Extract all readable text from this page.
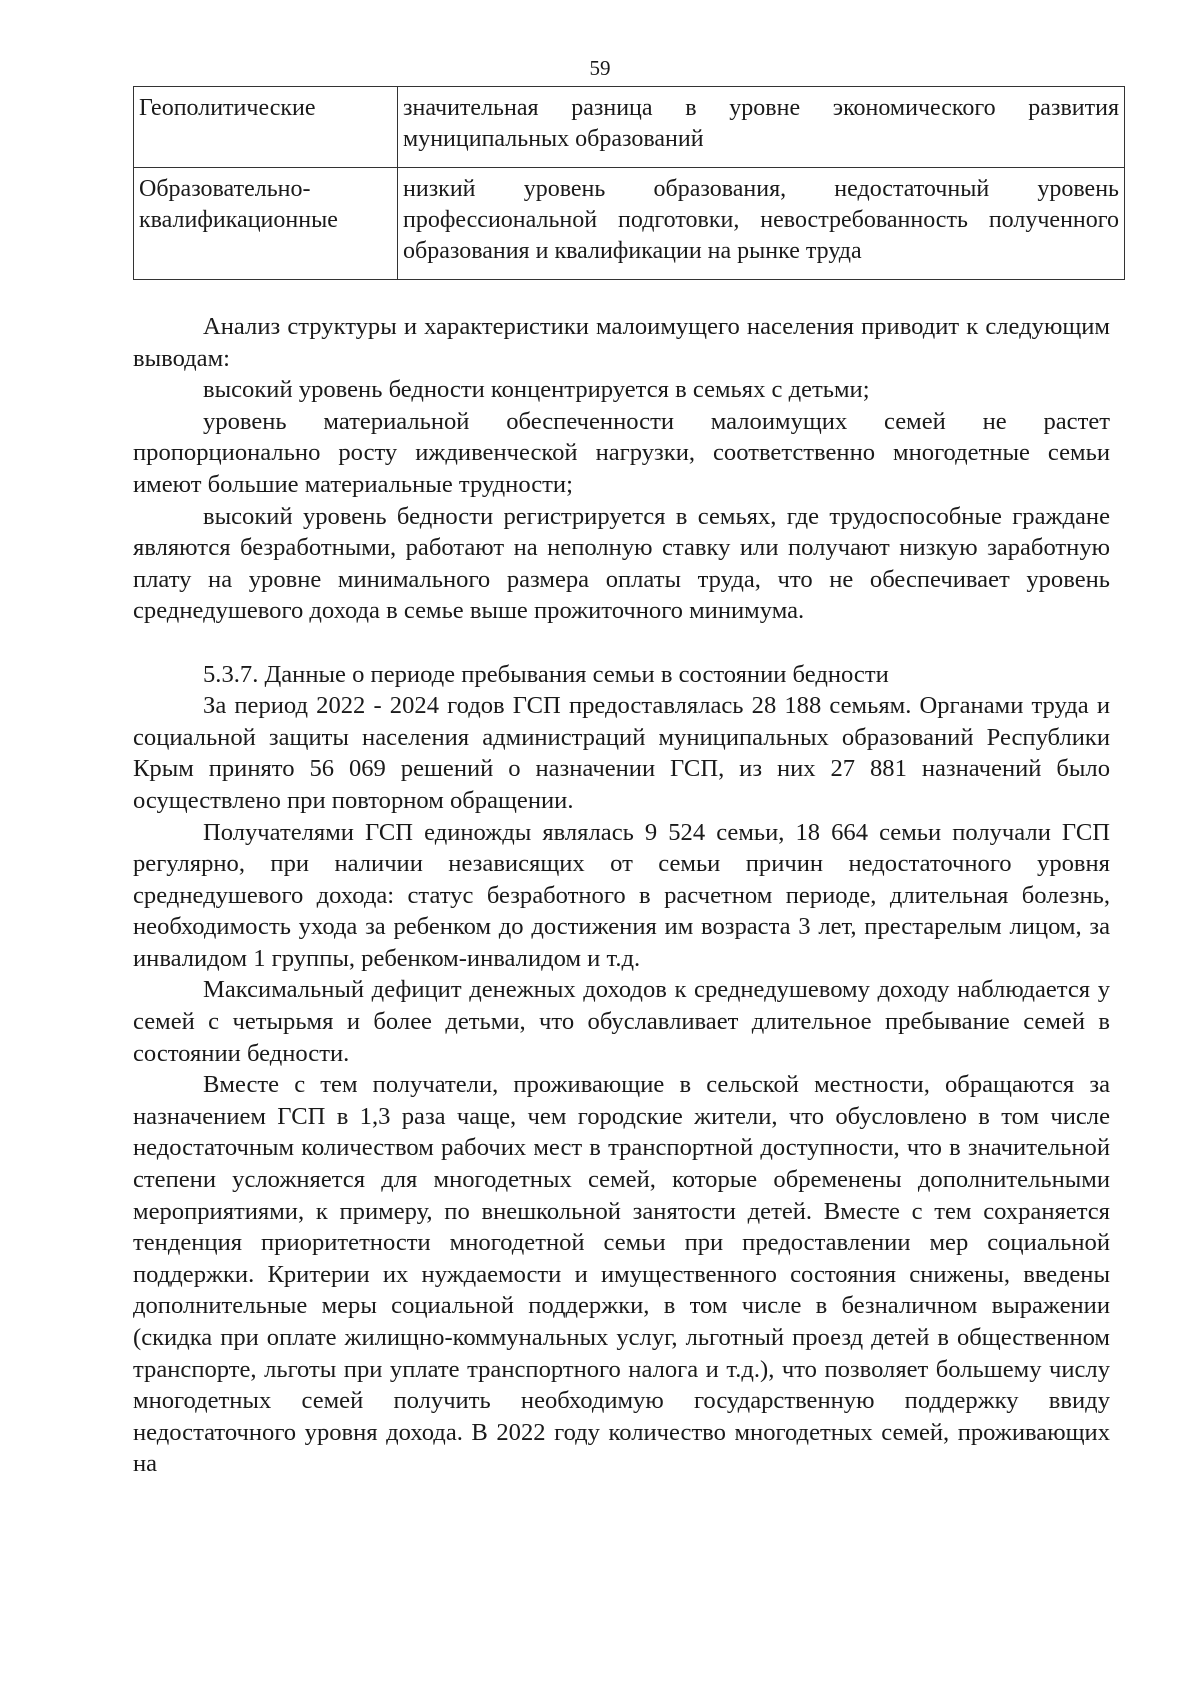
59
Геополитические	значительная разница в уровне экономического развития муниципальных образований
Образовательно-
квалификационные	низкий уровень образования, недостаточный уровень профессиональной подготовки, невостребованность полученного образования и квалификации на рынке труда

Анализ структуры и характеристики малоимущего населения приводит к следующим выводам:

высокий уровень бедности концентрируется в семьях с детьми;

уровень материальной обеспеченности малоимущих семей не растет пропорционально росту иждивенческой нагрузки, соответственно многодетные семьи имеют большие материальные трудности;

высокий уровень бедности регистрируется в семьях, где трудоспособные граждане являются безработными, работают на неполную ставку или получают низкую заработную плату на уровне минимального размера оплаты труда, что не обеспечивает уровень среднедушевого дохода в семье выше прожиточного минимума.

5.3.7. Данные о периоде пребывания семьи в состоянии бедности

За период 2022 - 2024 годов ГСП предоставлялась 28 188 семьям. Органами труда и социальной защиты населения администраций муниципальных образований Республики Крым принято 56 069 решений о назначении ГСП, из них 27 881 назначений было осуществлено при повторном обращении.

Получателями ГСП единожды являлась 9 524 семьи, 18 664 семьи получали ГСП регулярно, при наличии независящих от семьи причин недостаточного уровня среднедушевого дохода: статус безработного в расчетном периоде, длительная болезнь, необходимость ухода за ребенком до достижения им возраста 3 лет, престарелым лицом, за инвалидом 1 группы, ребенком-инвалидом и т.д.

Максимальный дефицит денежных доходов к среднедушевому доходу наблюдается у семей с четырьмя и более детьми, что обуславливает длительное пребывание семей в состоянии бедности.

Вместе с тем получатели, проживающие в сельской местности, обращаются за назначением ГСП в 1,3 раза чаще, чем городские жители, что обусловлено в том числе недостаточным количеством рабочих мест в транспортной доступности, что в значительной степени усложняется для многодетных семей, которые обременены дополнительными мероприятиями, к примеру, по внешкольной занятости детей. Вместе с тем сохраняется тенденция приоритетности многодетной семьи при предоставлении мер социальной поддержки. Критерии их нуждаемости и имущественного состояния снижены, введены дополнительные меры социальной поддержки, в том числе в безналичном выражении (скидка при оплате жилищно-коммунальных услуг, льготный проезд детей в общественном транспорте, льготы при уплате транспортного налога и т.д.), что позволяет большему числу многодетных семей получить необходимую государственную поддержку ввиду недостаточного уровня дохода. В 2022 году количество многодетных семей, проживающих на
